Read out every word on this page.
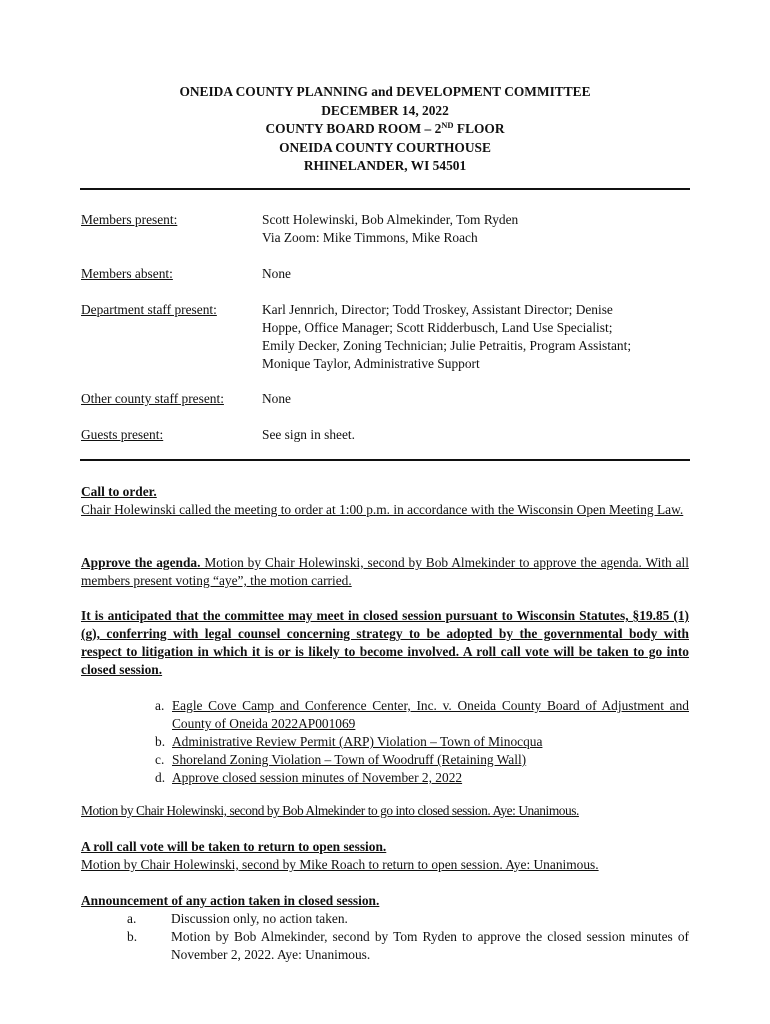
ONEIDA COUNTY PLANNING and DEVELOPMENT COMMITTEE
DECEMBER 14, 2022
COUNTY BOARD ROOM – 2ND FLOOR
ONEIDA COUNTY COURTHOUSE
RHINELANDER, WI 54501
Members present:	Scott Holewinski, Bob Almekinder, Tom Ryden
Via Zoom: Mike Timmons, Mike Roach
Members absent:	None
Department staff present:	Karl Jennrich, Director; Todd Troskey, Assistant Director; Denise
Hoppe, Office Manager; Scott Ridderbusch, Land Use Specialist;
Emily Decker, Zoning Technician; Julie Petraitis, Program Assistant;
Monique Taylor, Administrative Support
Other county staff present:	None
Guests present:	See sign in sheet.
Call to order.
Chair Holewinski called the meeting to order at 1:00 p.m. in accordance with the Wisconsin Open Meeting Law.
Approve the agenda. Motion by Chair Holewinski, second by Bob Almekinder to approve the agenda. With all members present voting “aye”, the motion carried.
It is anticipated that the committee may meet in closed session pursuant to Wisconsin Statutes, §19.85 (1) (g), conferring with legal counsel concerning strategy to be adopted by the governmental body with respect to litigation in which it is or is likely to become involved. A roll call vote will be taken to go into closed session.
a. Eagle Cove Camp and Conference Center, Inc. v. Oneida County Board of Adjustment and County of Oneida 2022AP001069
b. Administrative Review Permit (ARP) Violation – Town of Minocqua
c. Shoreland Zoning Violation – Town of Woodruff (Retaining Wall)
d. Approve closed session minutes of November 2, 2022
Motion by Chair Holewinski, second by Bob Almekinder to go into closed session. Aye: Unanimous.
A roll call vote will be taken to return to open session.
Motion by Chair Holewinski, second by Mike Roach to return to open session. Aye: Unanimous.
Announcement of any action taken in closed session.
a.	Discussion only, no action taken.
b.	Motion by Bob Almekinder, second by Tom Ryden to approve the closed session minutes of November 2, 2022. Aye: Unanimous.
